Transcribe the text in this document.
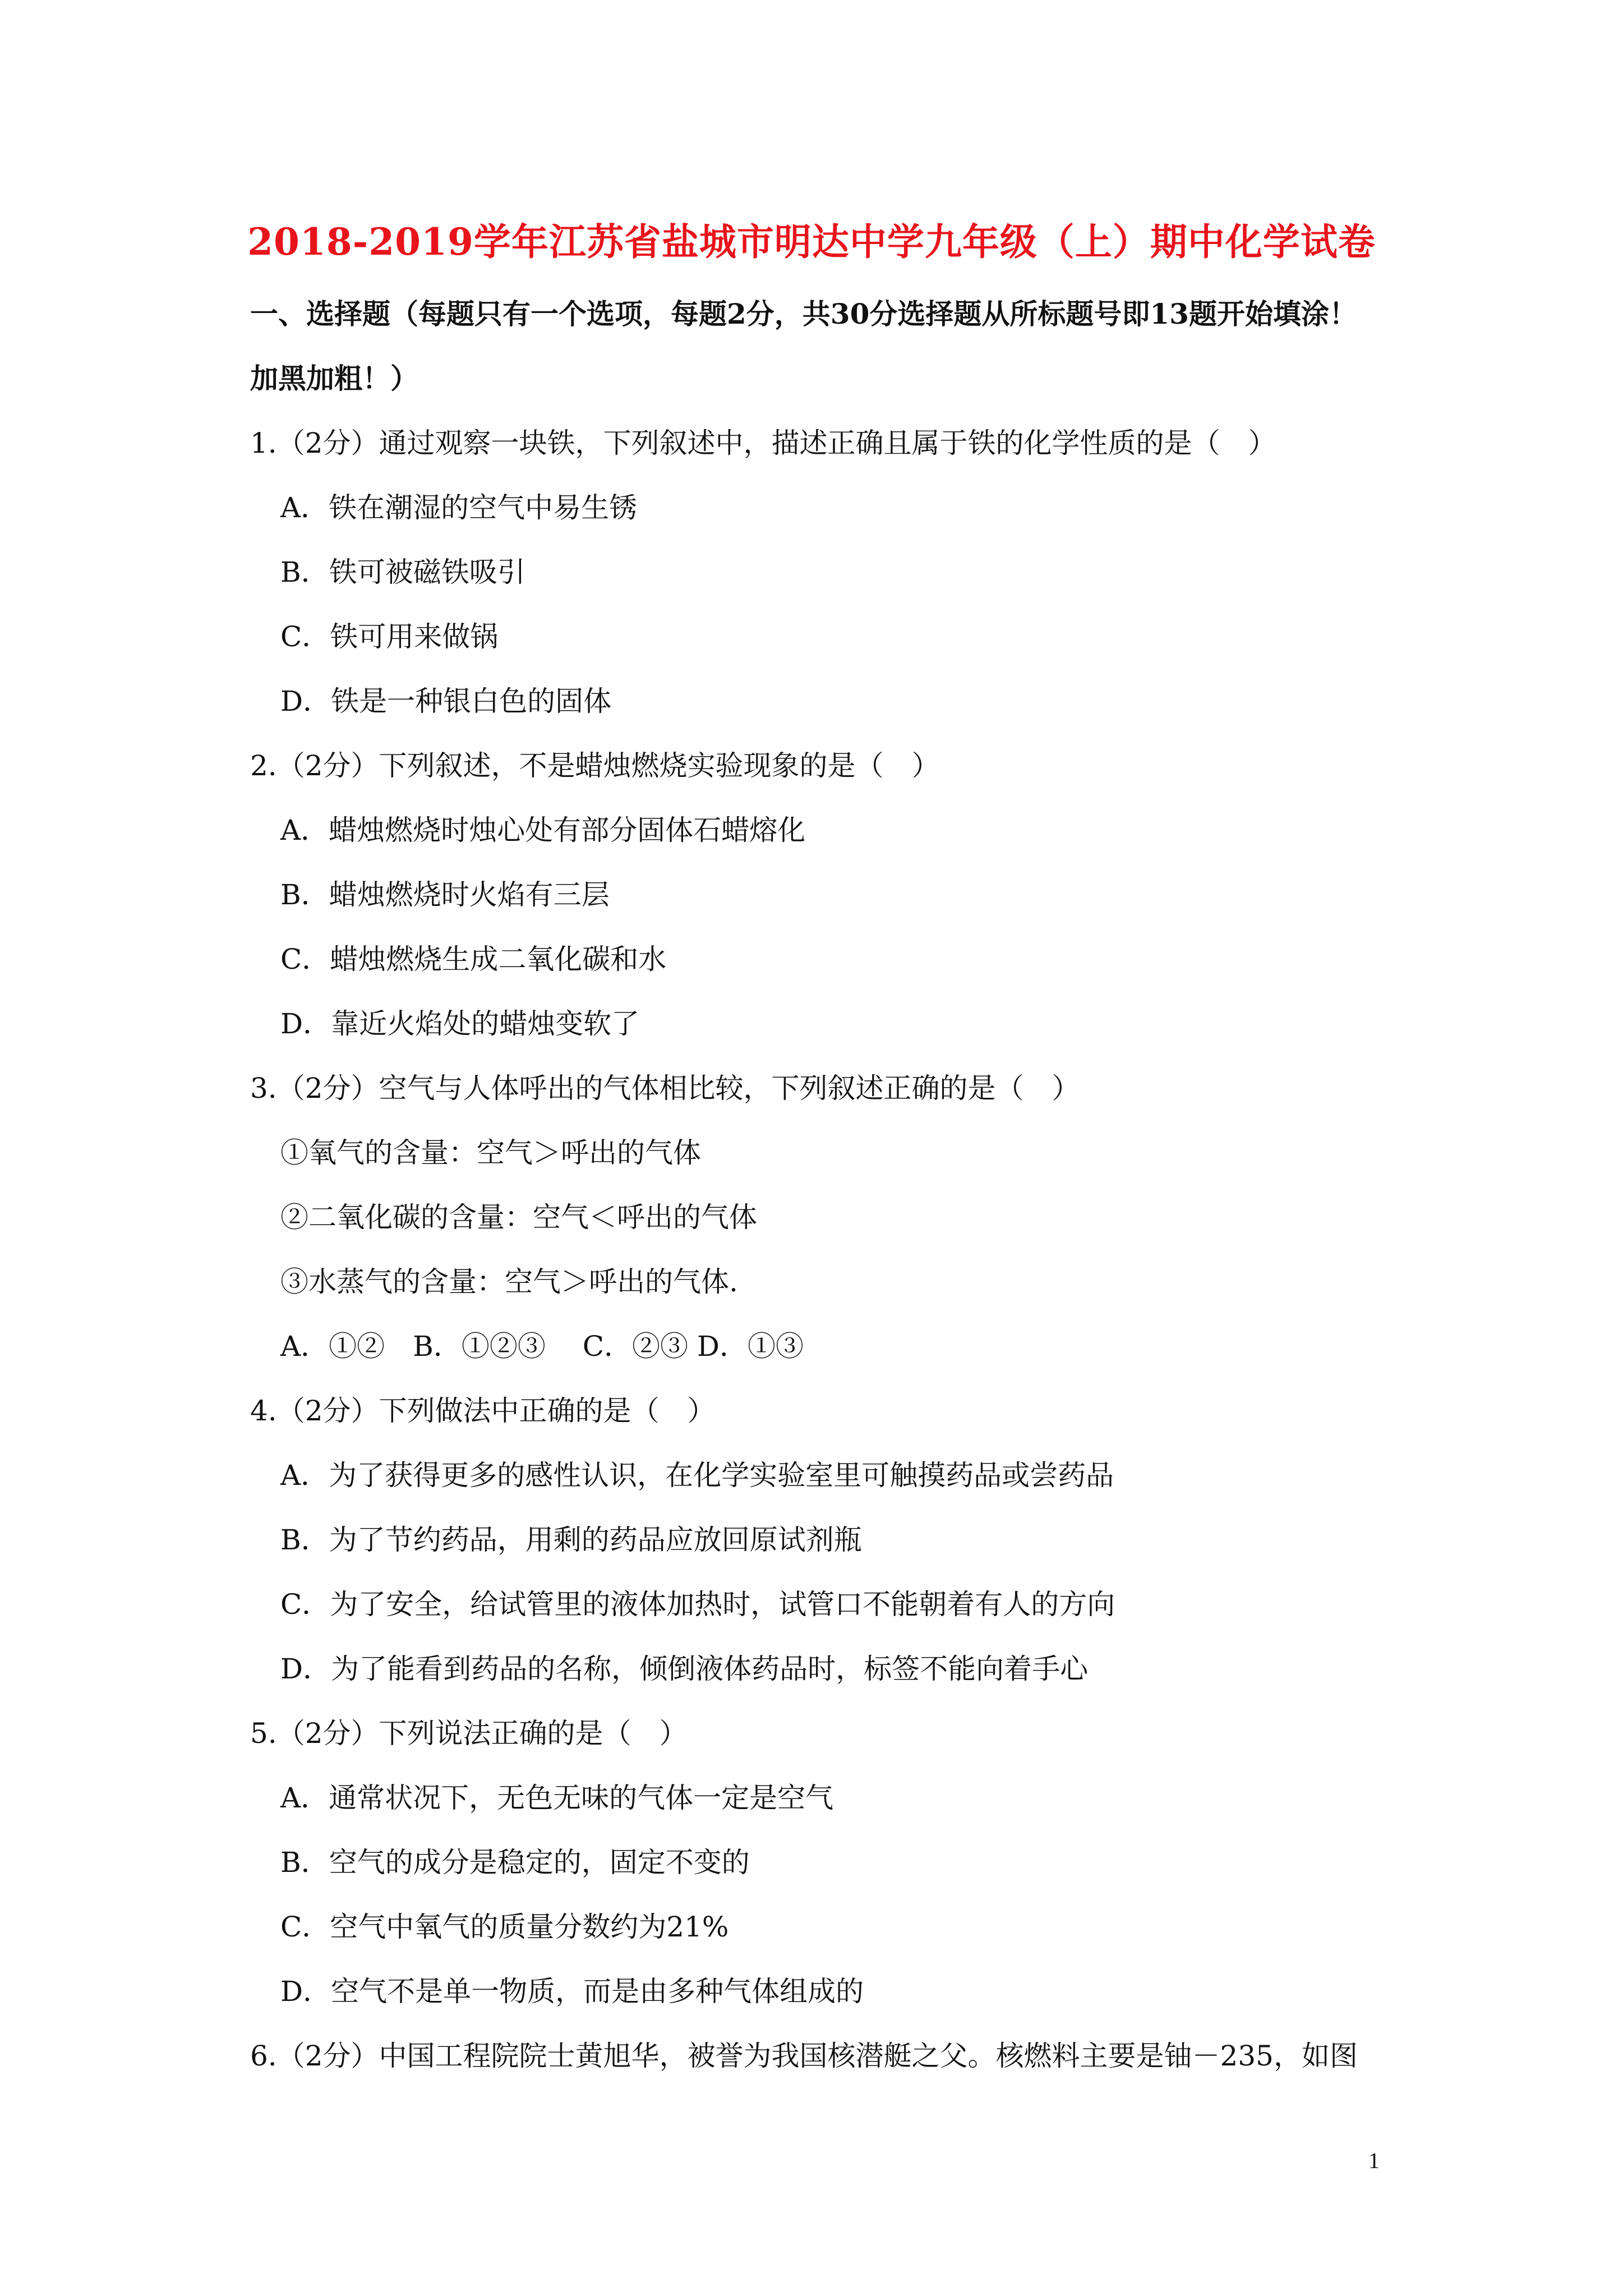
2018-2019学年江苏省盐城市明达中学九年级（上）期中化学试卷
一、选择题（每题只有一个选项，每题2分，共30分选择题从所标题号即13题开始填涂！
加黑加粗！）
1.（2分）通过观察一块铁，下列叙述中，描述正确且属于铁的化学性质的是（　）
A．铁在潮湿的空气中易生锈
B．铁可被磁铁吸引
C．铁可用来做锅
D．铁是一种银白色的固体
2.（2分）下列叙述，不是蜡烛燃烧实验现象的是（　）
A．蜡烛燃烧时烛心处有部分固体石蜡熔化
B．蜡烛燃烧时火焰有三层
C．蜡烛燃烧生成二氧化碳和水
D．靠近火焰处的蜡烛变软了
3.（2分）空气与人体呼出的气体相比较，下列叙述正确的是（　）
①氧气的含量：空气＞呼出的气体
②二氧化碳的含量：空气＜呼出的气体
③水蒸气的含量：空气＞呼出的气体.
A．①②　B．①②③　 C．②③ D．①③
4.（2分）下列做法中正确的是（　）
A．为了获得更多的感性认识，在化学实验室里可触摸药品或尝药品
B．为了节约药品，用剩的药品应放回原试剂瓶
C．为了安全，给试管里的液体加热时，试管口不能朝着有人的方向
D．为了能看到药品的名称，倾倒液体药品时，标签不能向着手心
5.（2分）下列说法正确的是（　）
A．通常状况下，无色无味的气体一定是空气
B．空气的成分是稳定的，固定不变的
C．空气中氧气的质量分数约为21%
D．空气不是单一物质，而是由多种气体组成的
6.（2分）中国工程院院士黄旭华，被誉为我国核潜艇之父。核燃料主要是铀－235，如图
1
